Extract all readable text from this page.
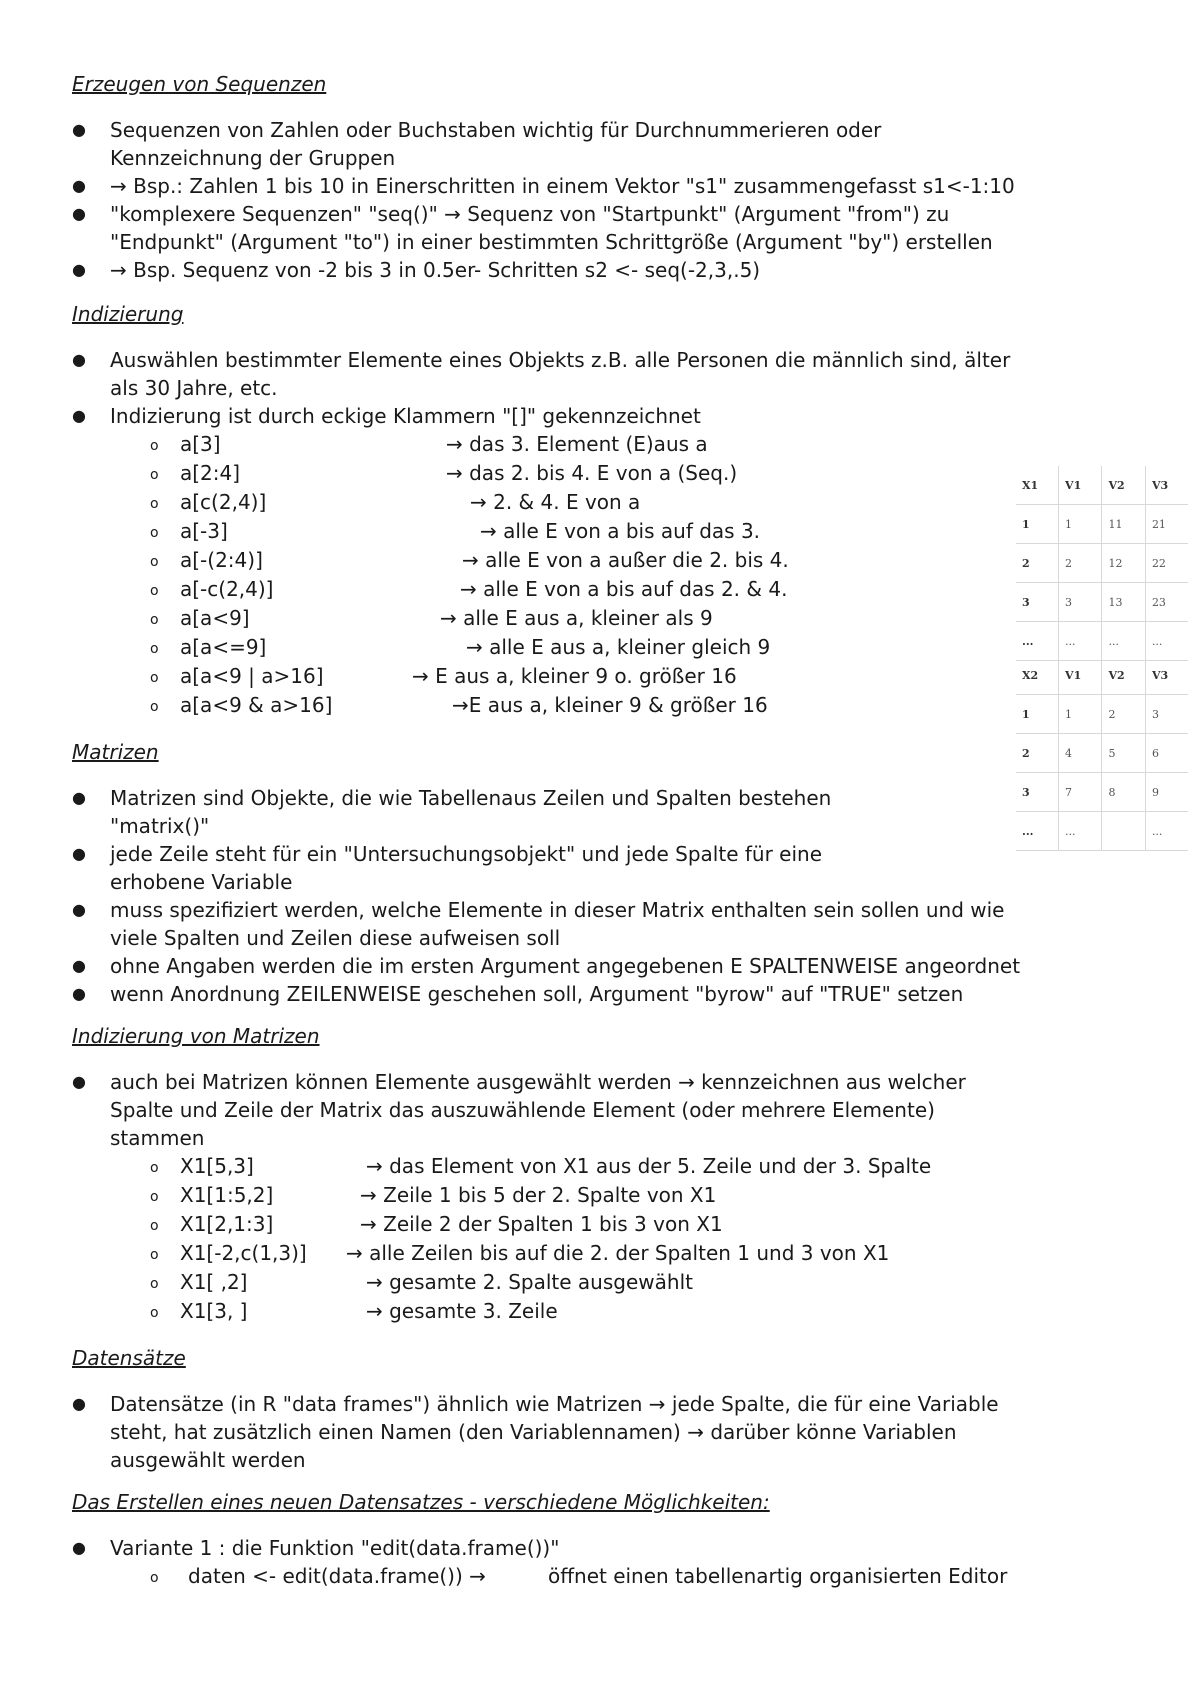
Erzeugen von Sequenzen
●	Sequenzen von Zahlen oder Buchstaben wichtig für Durchnummerieren oder
Kennzeichnung der Gruppen
●	→ Bsp.: Zahlen 1 bis 10 in Einerschritten in einem Vektor "s1" zusammengefasst s1<-1:10
●	"komplexere Sequenzen" "seq()" → Sequenz von "Startpunkt" (Argument "from") zu
"Endpunkt" (Argument "to") in einer bestimmten Schrittgröße (Argument "by") erstellen
●	→ Bsp. Sequenz von -2 bis 3 in 0.5er- Schritten s2 <- seq(-2,3,.5)
Indizierung
●	Auswählen bestimmter Elemente eines Objekts z.B. alle Personen die männlich sind, älter
als 30 Jahre, etc.
●	Indizierung ist durch eckige Klammern "[]" gekennzeichnet
o a[3]	→ das 3. Element (E)aus a
o a[2:4]	→ das 2. bis 4. E von a (Seq.)
o a[c(2,4)]	→ 2. & 4. E von a
o a[-3]	→ alle E von a bis auf das 3.
o a[-(2:4)]	→ alle E von a außer die 2. bis 4.
o a[-c(2,4)]	→ alle E von a bis auf das 2. & 4.
o a[a<9]	→ alle E aus a, kleiner als 9
o a[a<=9]	→ alle E aus a, kleiner gleich 9
o a[a<9 | a>16]	→ E aus a, kleiner 9 o. größer 16
o a[a<9 & a>16]	→E aus a, kleiner 9 & größer 16
Matrizen
●	Matrizen sind Objekte, die wie Tabellenaus Zeilen und Spalten bestehen
"matrix()"
●	jede Zeile steht für ein "Untersuchungsobjekt" und jede Spalte für eine
erhobene Variable
●	muss spezifiziert werden, welche Elemente in dieser Matrix enthalten sein sollen und wie
viele Spalten und Zeilen diese aufweisen soll
●	ohne Angaben werden die im ersten Argument angegebenen E SPALTENWEISE angeordnet
●	wenn Anordnung ZEILENWEISE geschehen soll, Argument "byrow" auf "TRUE" setzen
Indizierung von Matrizen
●	auch bei Matrizen können Elemente ausgewählt werden → kennzeichnen aus welcher
Spalte und Zeile der Matrix das auszuwählende Element (oder mehrere Elemente)
stammen
o X1[5,3]	→ das Element von X1 aus der 5. Zeile und der 3. Spalte
o X1[1:5,2]	→ Zeile 1 bis 5 der 2. Spalte von X1
o X1[2,1:3]	→ Zeile 2 der Spalten 1 bis 3 von X1
o X1[-2,c(1,3)] → alle Zeilen bis auf die 2. der Spalten 1 und 3 von X1
o X1[ ,2]	→ gesamte 2. Spalte ausgewählt
o X1[3, ]	→ gesamte 3. Zeile
Datensätze
●	Datensätze (in R "data frames") ähnlich wie Matrizen → jede Spalte, die für eine Variable
steht, hat zusätzlich einen Namen (den Variablennamen) → darüber könne Variablen
ausgewählt werden
Das Erstellen eines neuen Datensatzes - verschiedene Möglichkeiten:
●	Variante 1 : die Funktion "edit(data.frame())"
o daten <- edit(data.frame()) →	öffnet einen tabellenartig organisierten Editor
X1	V1	V2	V3
1	1	11	21
2	2	12	22
3	3	13	23
...	...	...	...
X2	V1	V2	V3
1	1	2	3
2	4	5	6
3	7	8	9
...	...		...
